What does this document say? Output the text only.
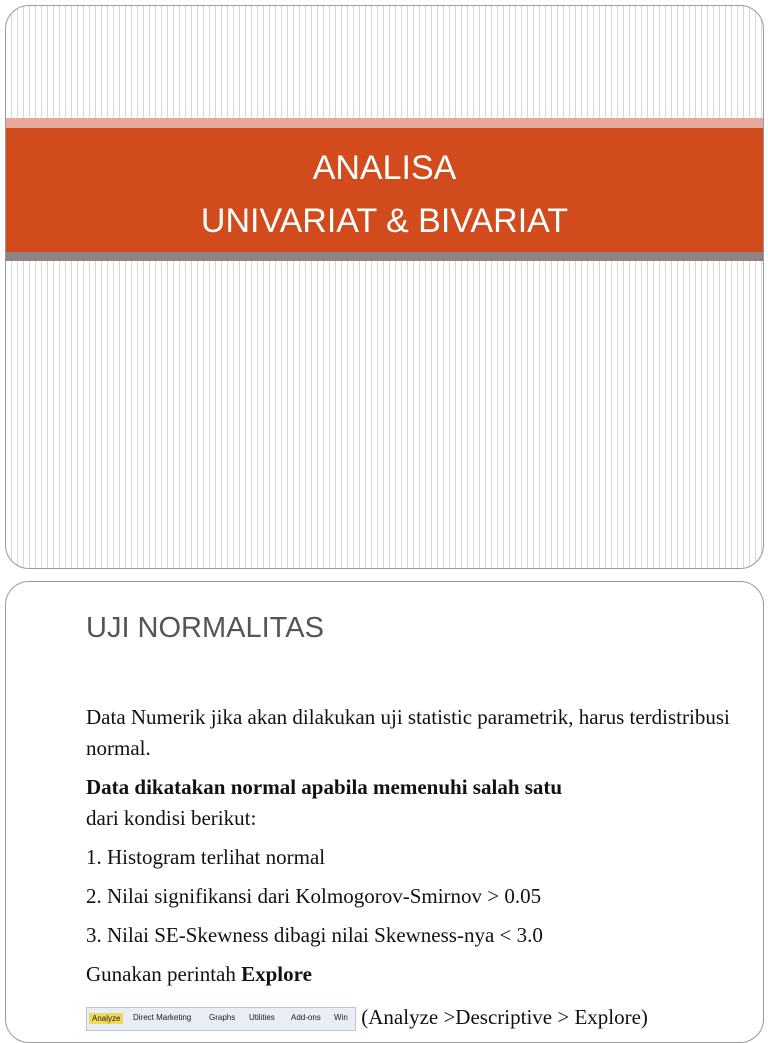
ANALISA
UNIVARIAT & BIVARIAT
UJI NORMALITAS
Data Numerik jika akan dilakukan uji statistic parametrik, harus terdistribusi normal.
Data dikatakan normal apabila memenuhi salah satu
dari kondisi berikut:
1. Histogram terlihat normal
2. Nilai signifikansi dari Kolmogorov-Smirnov > 0.05
3. Nilai SE-Skewness dibagi nilai Skewness-nya < 3.0
Gunakan perintah Explore
Analyze	Direct Marketing Graphs Utilities Add-ons Win (Analyze >Descriptive > Explore)
